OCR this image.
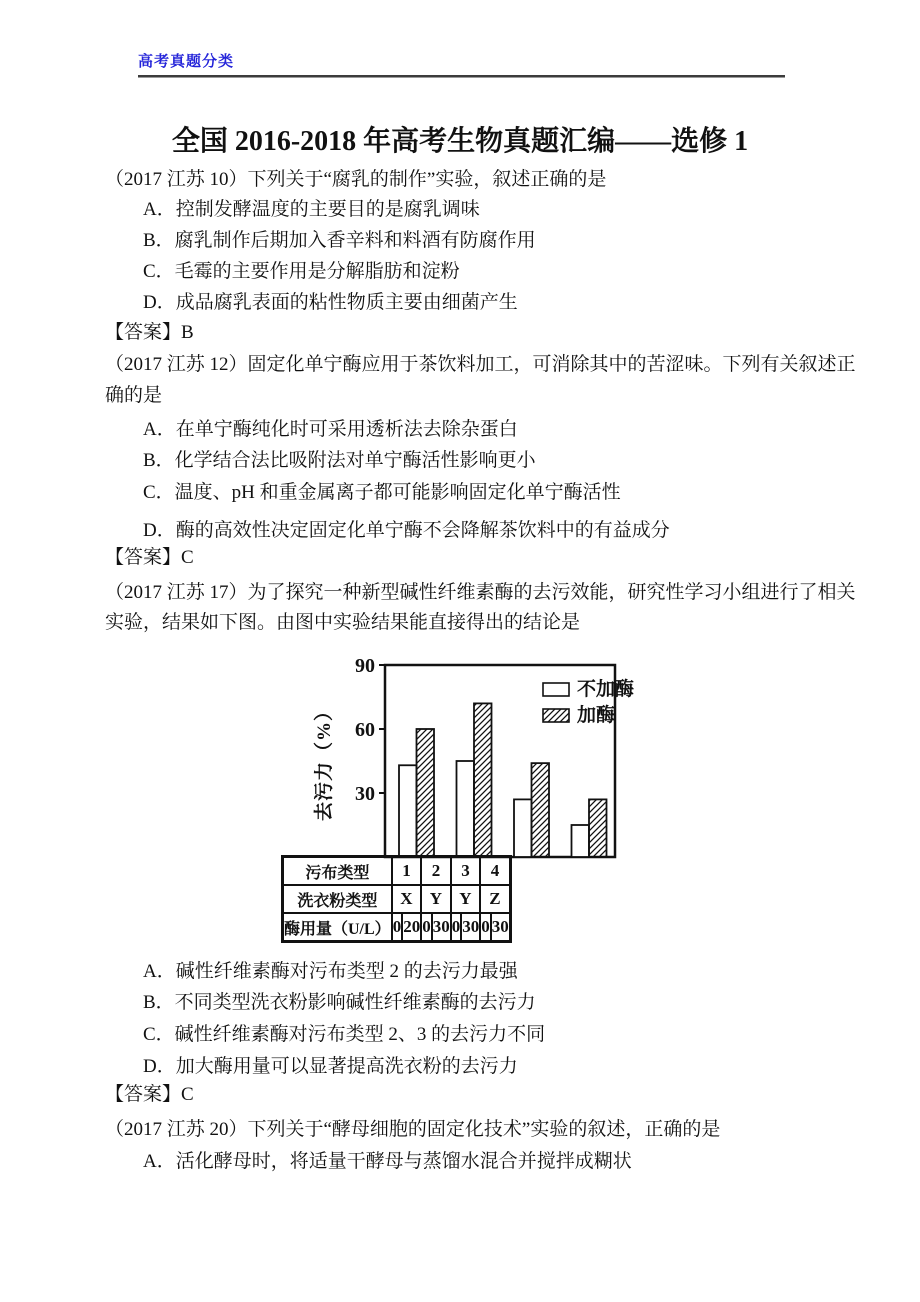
高考真题分类
全国 2016-2018 年高考生物真题汇编——选修 1
（2017 江苏 10）下列关于“腐乳的制作”实验，叙述正确的是
A．控制发酵温度的主要目的是腐乳调味
B．腐乳制作后期加入香辛料和料酒有防腐作用
C．毛霉的主要作用是分解脂肪和淀粉
D．成品腐乳表面的粘性物质主要由细菌产生
【答案】B
（2017 江苏 12）固定化单宁酶应用于茶饮料加工，可消除其中的苦涩味。下列有关叙述正
确的是
A．在单宁酶纯化时可采用透析法去除杂蛋白
B．化学结合法比吸附法对单宁酶活性影响更小
C．温度、pH 和重金属离子都可能影响固定化单宁酶活性
D．酶的高效性决定固定化单宁酶不会降解茶饮料中的有益成分
【答案】C
（2017 江苏 17）为了探究一种新型碱性纤维素酶的去污效能，研究性学习小组进行了相关
实验，结果如下图。由图中实验结果能直接得出的结论是
30
60
90
去污力（%）
不加酶
加酶
污布类型	1		2		3		4	
洗衣粉类型	X		Y		Y		Z	
酶用量（U/L）	0	20	0	30	0	30	0	30
A．碱性纤维素酶对污布类型 2 的去污力最强
B．不同类型洗衣粉影响碱性纤维素酶的去污力
C．碱性纤维素酶对污布类型 2、3 的去污力不同
D．加大酶用量可以显著提高洗衣粉的去污力
【答案】C
（2017 江苏 20）下列关于“酵母细胞的固定化技术”实验的叙述，正确的是
A．活化酵母时，将适量干酵母与蒸馏水混合并搅拌成糊状
